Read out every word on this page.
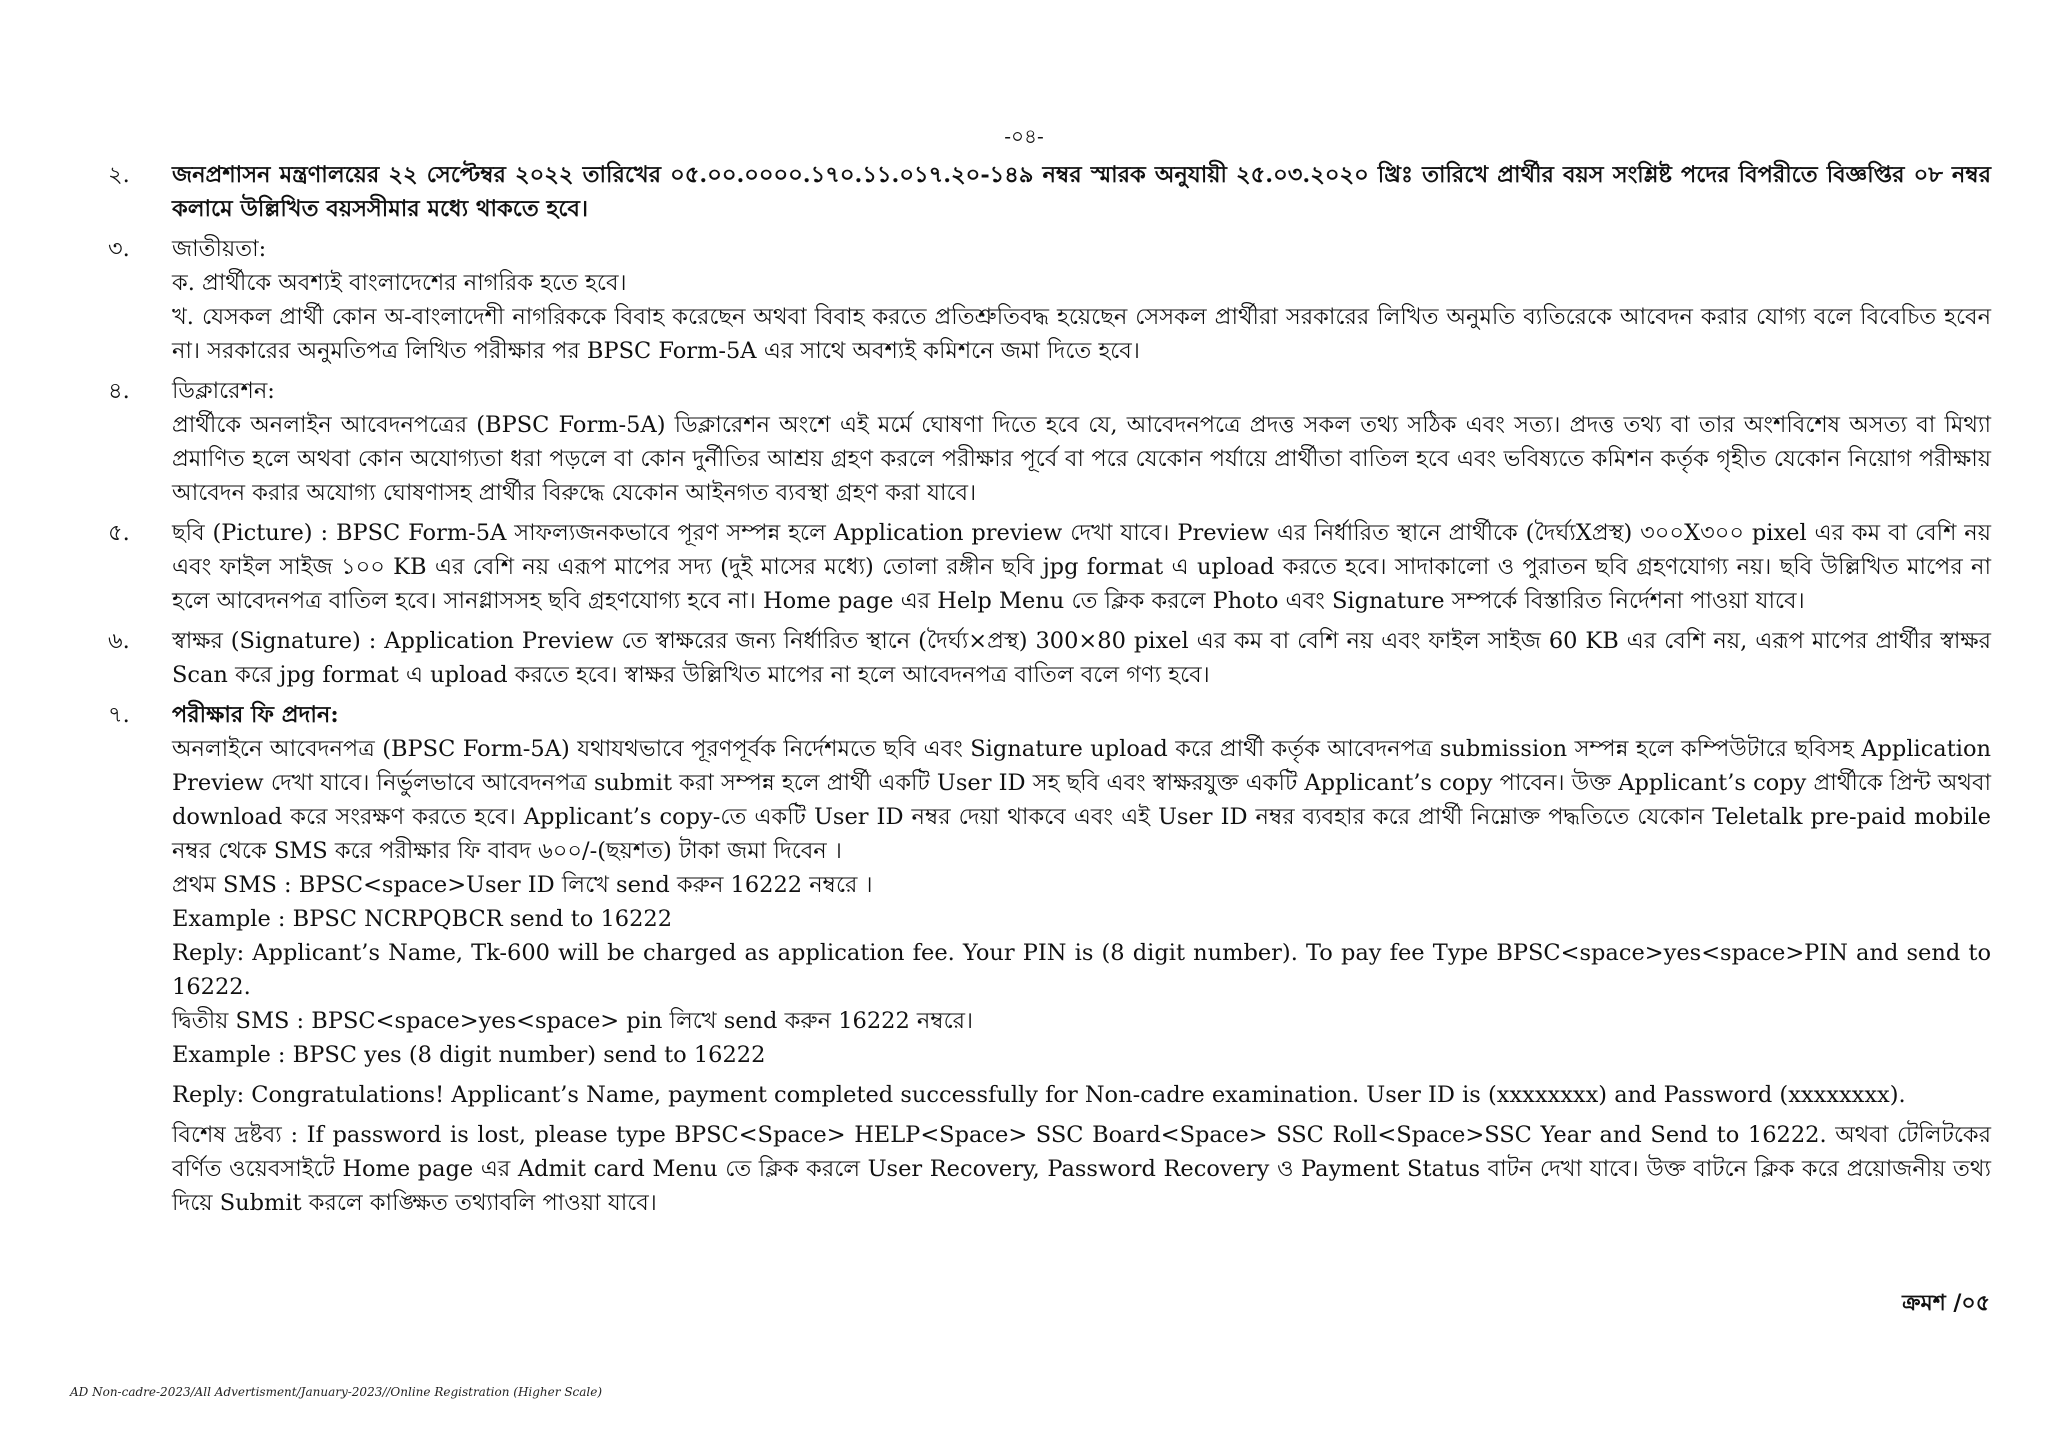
-০৪-
২.	জনপ্রশাসন মন্ত্রণালয়ের ২২ সেপ্টেম্বর ২০২২ তারিখের ০৫.০০.০০০০.১৭০.১১.০১৭.২০-১৪৯ নম্বর স্মারক অনুযায়ী ২৫.০৩.২০২০ খ্রিঃ তারিখে প্রার্থীর বয়স সংশ্লিষ্ট পদের বিপরীতে বিজ্ঞপ্তির ০৮ নম্বর কলামে উল্লিখিত বয়সসীমার মধ্যে থাকতে হবে।

৩.	জাতীয়তা:

ক. প্রার্থীকে অবশ্যই বাংলাদেশের নাগরিক হতে হবে।

খ. যেসকল প্রার্থী কোন অ-বাংলাদেশী নাগরিককে বিবাহ করেছেন অথবা বিবাহ করতে প্রতিশ্রুতিবদ্ধ হয়েছেন সেসকল প্রার্থীরা সরকারের লিখিত অনুমতি ব্যতিরেকে আবেদন করার যোগ্য বলে বিবেচিত হবেন না। সরকারের অনুমতিপত্র লিখিত পরীক্ষার পর BPSC Form-5A এর সাথে অবশ্যই কমিশনে জমা দিতে হবে।

৪.	ডিক্লারেশন:

প্রার্থীকে অনলাইন আবেদনপত্রের (BPSC Form-5A) ডিক্লারেশন অংশে এই মর্মে ঘোষণা দিতে হবে যে, আবেদনপত্রে প্রদত্ত সকল তথ্য সঠিক এবং সত্য। প্রদত্ত তথ্য বা তার অংশবিশেষ অসত্য বা মিথ্যা প্রমাণিত হলে অথবা কোন অযোগ্যতা ধরা পড়লে বা কোন দুর্নীতির আশ্রয় গ্রহণ করলে পরীক্ষার পূর্বে বা পরে যেকোন পর্যায়ে প্রার্থীতা বাতিল হবে এবং ভবিষ্যতে কমিশন কর্তৃক গৃহীত যেকোন নিয়োগ পরীক্ষায় আবেদন করার অযোগ্য ঘোষণাসহ প্রার্থীর বিরুদ্ধে যেকোন আইনগত ব্যবস্থা গ্রহণ করা যাবে।

৫.	ছবি (Picture) : BPSC Form-5A সাফল্যজনকভাবে পূরণ সম্পন্ন হলে Application preview দেখা যাবে। Preview এর নির্ধারিত স্থানে প্রার্থীকে (দৈর্ঘ্যXপ্রস্থ) ৩০০X৩০০ pixel এর কম বা বেশি নয় এবং ফাইল সাইজ ১০০ KB এর বেশি নয় এরূপ মাপের সদ্য (দুই মাসের মধ্যে) তোলা রঙ্গীন ছবি jpg format এ upload করতে হবে। সাদাকালো ও পুরাতন ছবি গ্রহণযোগ্য নয়। ছবি উল্লিখিত মাপের না হলে আবেদনপত্র বাতিল হবে। সানগ্লাসসহ ছবি গ্রহণযোগ্য হবে না। Home page এর Help Menu তে ক্লিক করলে Photo এবং Signature সম্পর্কে বিস্তারিত নির্দেশনা পাওয়া যাবে।

৬.	স্বাক্ষর (Signature) : Application Preview তে স্বাক্ষরের জন্য নির্ধারিত স্থানে (দৈর্ঘ্য×প্রস্থ) 300×80 pixel এর কম বা বেশি নয় এবং ফাইল সাইজ 60 KB এর বেশি নয়, এরূপ মাপের প্রার্থীর স্বাক্ষর Scan করে jpg format এ upload করতে হবে। স্বাক্ষর উল্লিখিত মাপের না হলে আবেদনপত্র বাতিল বলে গণ্য হবে।

৭.	পরীক্ষার ফি প্রদান:

অনলাইনে আবেদনপত্র (BPSC Form-5A) যথাযথভাবে পূরণপূর্বক নির্দেশমতে ছবি এবং Signature upload করে প্রার্থী কর্তৃক আবেদনপত্র submission সম্পন্ন হলে কম্পিউটারে ছবিসহ Application Preview দেখা যাবে। নির্ভুলভাবে আবেদনপত্র submit করা সম্পন্ন হলে প্রার্থী একটি User ID সহ ছবি এবং স্বাক্ষরযুক্ত একটি Applicant’s copy পাবেন। উক্ত Applicant’s copy প্রার্থীকে প্রিন্ট অথবা download করে সংরক্ষণ করতে হবে। Applicant’s copy-তে একটি User ID নম্বর দেয়া থাকবে এবং এই User ID নম্বর ব্যবহার করে প্রার্থী নিম্নোক্ত পদ্ধতিতে যেকোন Teletalk pre-paid mobile নম্বর থেকে SMS করে পরীক্ষার ফি বাবদ ৬০০/-(ছয়শত) টাকা জমা দিবেন ।

প্রথম SMS : BPSC<space>User ID লিখে send করুন 16222 নম্বরে ।

Example : BPSC NCRPQBCR send to 16222

Reply: Applicant’s Name, Tk-600 will be charged as application fee. Your PIN is (8 digit number). To pay fee Type BPSC<space>yes<space>PIN and send to 16222.

দ্বিতীয় SMS : BPSC<space>yes<space> pin লিখে send করুন 16222 নম্বরে।

Example : BPSC yes (8 digit number) send to 16222

Reply: Congratulations! Applicant’s Name, payment completed successfully for Non-cadre examination. User ID is (xxxxxxxx) and Password (xxxxxxxx).

বিশেষ দ্রষ্টব্য : If password is lost, please type BPSC<Space> HELP<Space> SSC Board<Space> SSC Roll<Space>SSC Year and Send to 16222. অথবা টেলিটকের বর্ণিত ওয়েবসাইটে Home page এর Admit card Menu তে ক্লিক করলে User Recovery, Password Recovery ও Payment Status বাটন দেখা যাবে। উক্ত বাটনে ক্লিক করে প্রয়োজনীয় তথ্য দিয়ে Submit করলে কাঙ্ক্ষিত তথ্যাবলি পাওয়া যাবে।

ক্রমশ /০৫
AD Non-cadre-2023/All Advertisment/January-2023//Online Registration (Higher Scale)
